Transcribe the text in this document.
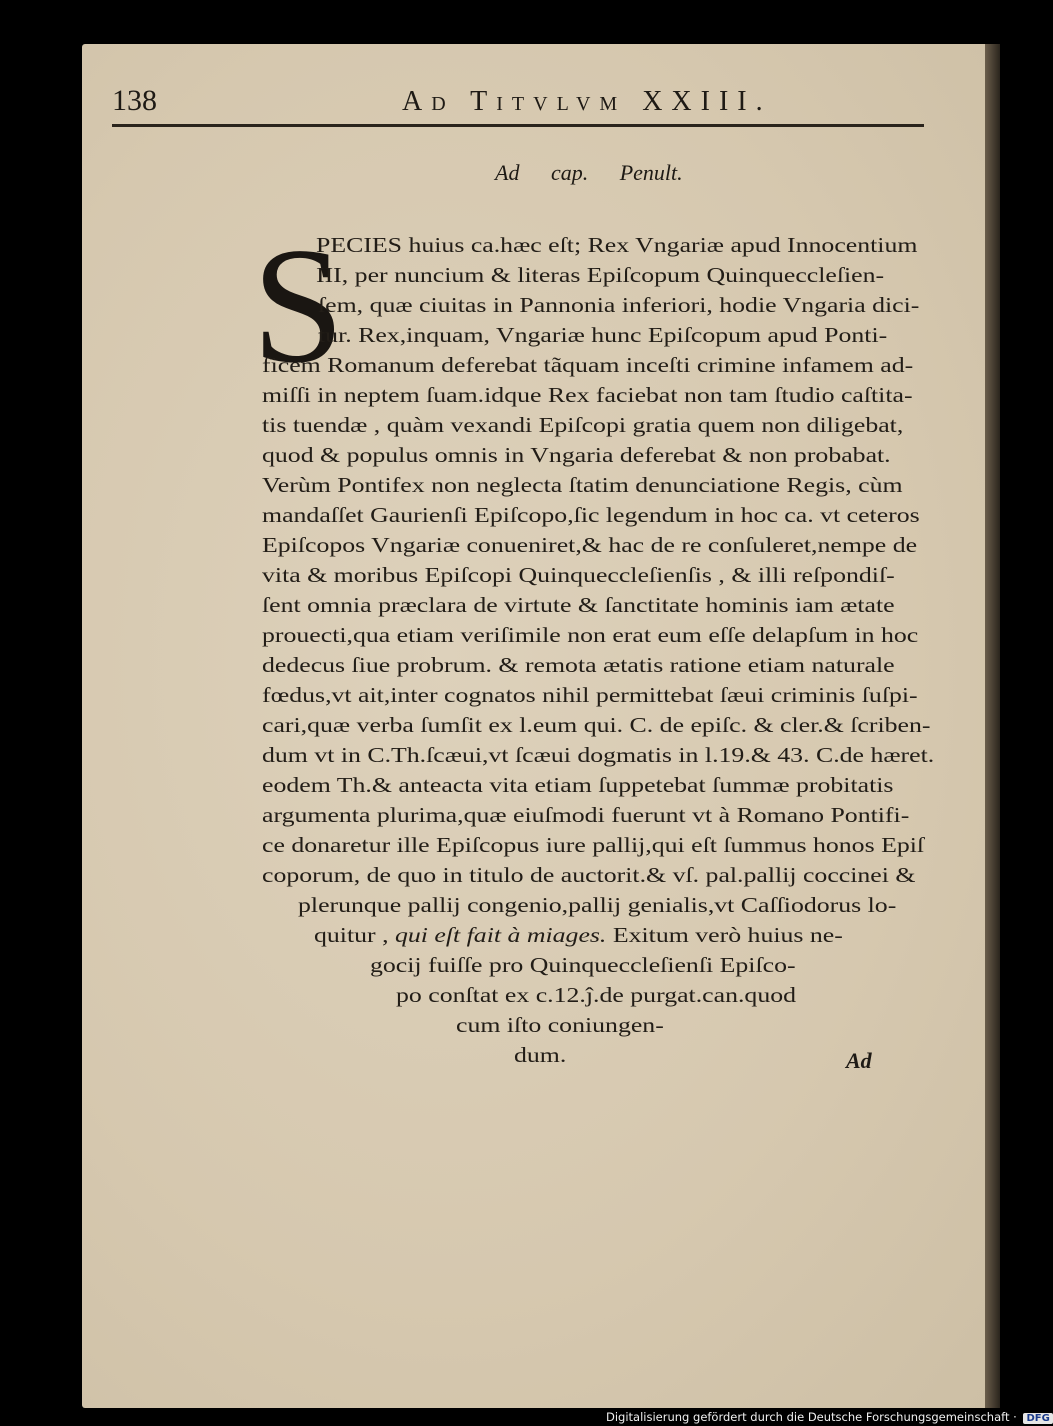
138	Ad Titvlvm XXIII.
Ad cap. Penult.
S
PECIES huius ca.hæc eſt; Rex Vngariæ apud Innocentium
III, per nuncium & literas Epiſcopum Quinqueccleſien-
ſem, quæ ciuitas in Pannonia inferiori, hodie Vngaria dici-
tur. Rex,inquam, Vngariæ hunc Epiſcopum apud Ponti-
ficem Romanum deferebat tãquam inceſti crimine infamem ad-
miſſi in neptem ſuam.idque Rex faciebat non tam ſtudio caſtita-
tis tuendæ , quàm vexandi Epiſcopi gratia quem non diligebat,
quod & populus omnis in Vngaria deferebat & non probabat.
Verùm Pontifex non neglecta ſtatim denunciatione Regis, cùm
mandaſſet Gaurienſi Epiſcopo,ſic legendum in hoc ca. vt ceteros
Epiſcopos Vngariæ conueniret,& hac de re conſuleret,nempe de
vita & moribus Epiſcopi Quinqueccleſienſis , & illi reſpondiſ-
ſent omnia præclara de virtute & ſanctitate hominis iam ætate
prouecti,qua etiam veriſimile non erat eum eſſe delapſum in hoc
dedecus ſiue probrum. & remota ætatis ratione etiam naturale
fœdus,vt ait,inter cognatos nihil permittebat ſæui criminis ſuſpi-
cari,quæ verba ſumſit ex l.eum qui. C. de epiſc. & cler.& ſcriben-
dum vt in C.Th.ſcæui,vt ſcæui dogmatis in l.19.& 43. C.de hæret.
eodem Th.& anteacta vita etiam ſuppetebat ſummæ probitatis
argumenta plurima,quæ eiuſmodi fuerunt vt à Romano Pontifi-
ce donaretur ille Epiſcopus iure pallij,qui eſt ſummus honos Epiſ
coporum, de quo in titulo de auctorit.& vſ. pal.pallij coccinei &
plerunque pallij congenio,pallij genialis,vt Caſſiodorus lo-
quitur , qui eſt fait à miages. Exitum verò huius ne-
gocij fuiſſe pro Quinqueccleſienſi Epiſco-
po conſtat ex c.12.ĵ.de purgat.can.quod
cum iſto coniungen-
dum.	Ad
Digitalisierung gefördert durch die Deutsche Forschungsgemeinschaft · DFG
